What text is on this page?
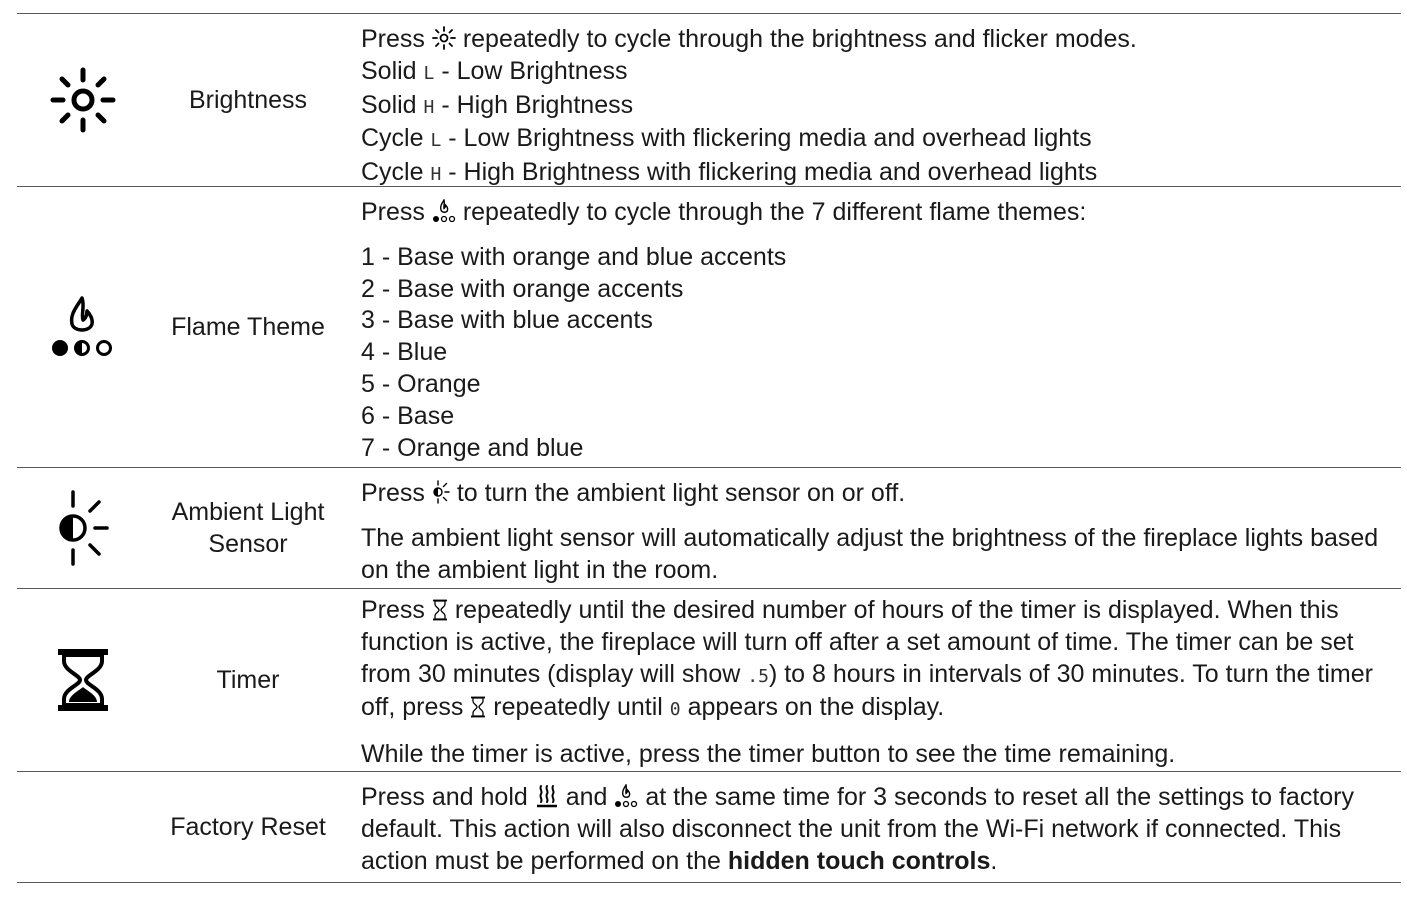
Brightness

Press repeatedly to cycle through the brightness and flicker modes.

Solid L - Low Brightness

Solid H - High Brightness

Cycle L - Low Brightness with flickering media and overhead lights

Cycle H - High Brightness with flickering media and overhead lights

Flame Theme

Press repeatedly to cycle through the 7 different flame themes:

1 - Base with orange and blue accents

2 - Base with orange accents

3 - Base with blue accents

4 - Blue

5 - Orange

6 - Base

7 - Orange and blue

Ambient Light Sensor

Press to turn the ambient light sensor on or off.

The ambient light sensor will automatically adjust the brightness of the fireplace lights based on the ambient light in the room.

Timer

Press repeatedly until the desired number of hours of the timer is displayed. When this function is active, the fireplace will turn off after a set amount of time. The timer can be set from 30 minutes (display will show .5) to 8 hours in intervals of 30 minutes. To turn the timer off, press repeatedly until 0 appears on the display.

While the timer is active, press the timer button to see the time remaining.

Factory Reset

Press and hold and at the same time for 3 seconds to reset all the settings to factory default. This action will also disconnect the unit from the Wi-Fi network if connected. This action must be performed on the hidden touch controls.
